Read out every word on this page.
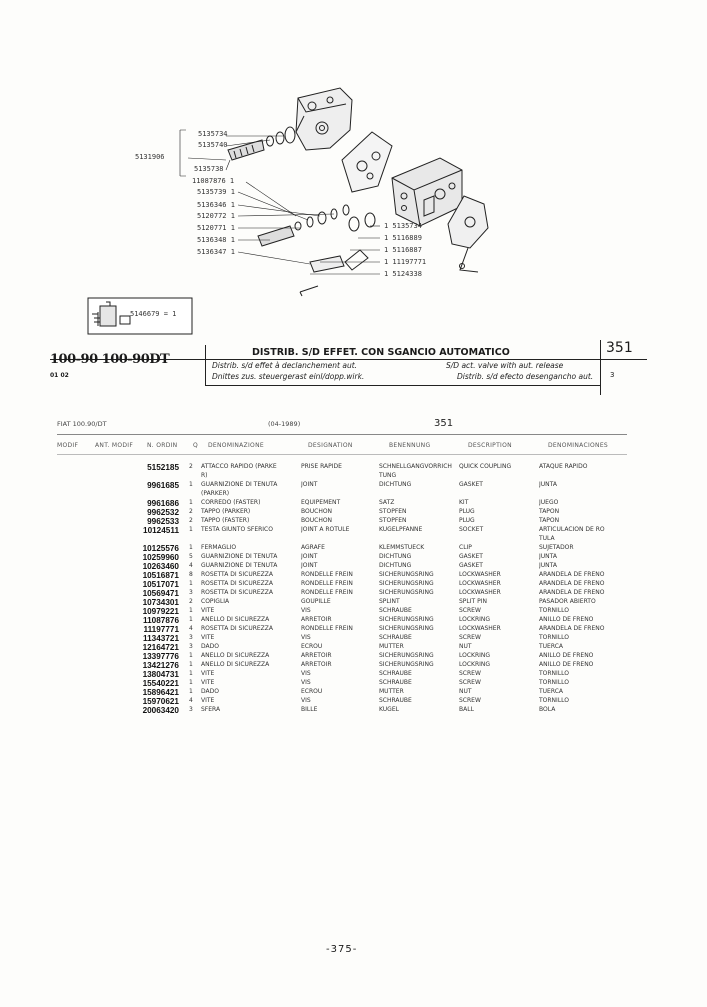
5135734
5135740
5131906
5135738
11087876 1
5135739 1
5136346 1
5120772 1
5120771 1
5136348 1
5136347 1
1 5135734
1 5116889
1 5116887
1 11197771
1 5124338
5146679 = 1
100-90 100-90DT
01 02
DISTRIB. S/D EFFET. CON SGANCIO AUTOMATICO
Distrib. s/d effet à declanchement aut.	S/D act. valve with aut. release
Dnittes zus. steuergerast einl/dopp.wirk.	Distrib. s/d efecto desengancho aut.
351
3
FIAT 100.90/DT	(04-1989)	351
MODIF	ANT. MODIF N. ORDIN	Q DENOMINAZIONE	DESIGNATION	BENENNUNG	DESCRIPTION	DENOMINACIONES
5152185	2	ATTACCO RAPIDO (PARKE	PRISE RAPIDE	SCHNELLGANGVORRICH	QUICK COUPLING	ATAQUE RAPIDO
		R)		TUNG		
9961685	1	GUARNIZIONE DI TENUTA	JOINT	DICHTUNG	GASKET	JUNTA
		(PARKER)				
9961686	1	CORREDO (FASTER)	EQUIPEMENT	SATZ	KIT	JUEGO
9962532	2	TAPPO (PARKER)	BOUCHON	STOPFEN	PLUG	TAPON
9962533	2	TAPPO (FASTER)	BOUCHON	STOPFEN	PLUG	TAPON
10124511	1	TESTA GIUNTO SFERICO	JOINT A ROTULE	KUGELPFANNE	SOCKET	ARTICULACION DE RO
						TULA
10125576	1	FERMAGLIO	AGRAFE	KLEMMSTUECK	CLIP	SUJETADOR
10259960	5	GUARNIZIONE DI TENUTA	JOINT	DICHTUNG	GASKET	JUNTA
10263460	4	GUARNIZIONE DI TENUTA	JOINT	DICHTUNG	GASKET	JUNTA
10516871	8	ROSETTA DI SICUREZZA	RONDELLE FREIN	SICHERUNGSRING	LOCKWASHER	ARANDELA DE FRENO
10517071	1	ROSETTA DI SICUREZZA	RONDELLE FREIN	SICHERUNGSRING	LOCKWASHER	ARANDELA DE FRENO
10569471	3	ROSETTA DI SICUREZZA	RONDELLE FREIN	SICHERUNGSRING	LOCKWASHER	ARANDELA DE FRENO
10734301	2	COPIGLIA	GOUPILLE	SPLINT	SPLIT PIN	PASADOR ABIERTO
10979221	1	VITE	VIS	SCHRAUBE	SCREW	TORNILLO
11087876	1	ANELLO DI SICUREZZA	ARRETOIR	SICHERUNGSRING	LOCKRING	ANILLO DE FRENO
11197771	4	ROSETTA DI SICUREZZA	RONDELLE FREIN	SICHERUNGSRING	LOCKWASHER	ARANDELA DE FRENO
11343721	3	VITE	VIS	SCHRAUBE	SCREW	TORNILLO
12164721	3	DADO	ECROU	MUTTER	NUT	TUERCA
13397776	1	ANELLO DI SICUREZZA	ARRETOIR	SICHERUNGSRING	LOCKRING	ANILLO DE FRENO
13421276	1	ANELLO DI SICUREZZA	ARRETOIR	SICHERUNGSRING	LOCKRING	ANILLO DE FRENO
13804731	1	VITE	VIS	SCHRAUBE	SCREW	TORNILLO
15540221	1	VITE	VIS	SCHRAUBE	SCREW	TORNILLO
15896421	1	DADO	ECROU	MUTTER	NUT	TUERCA
15970621	4	VITE	VIS	SCHRAUBE	SCREW	TORNILLO
20063420	3	SFERA	BILLE	KUGEL	BALL	BOLA
-375-
